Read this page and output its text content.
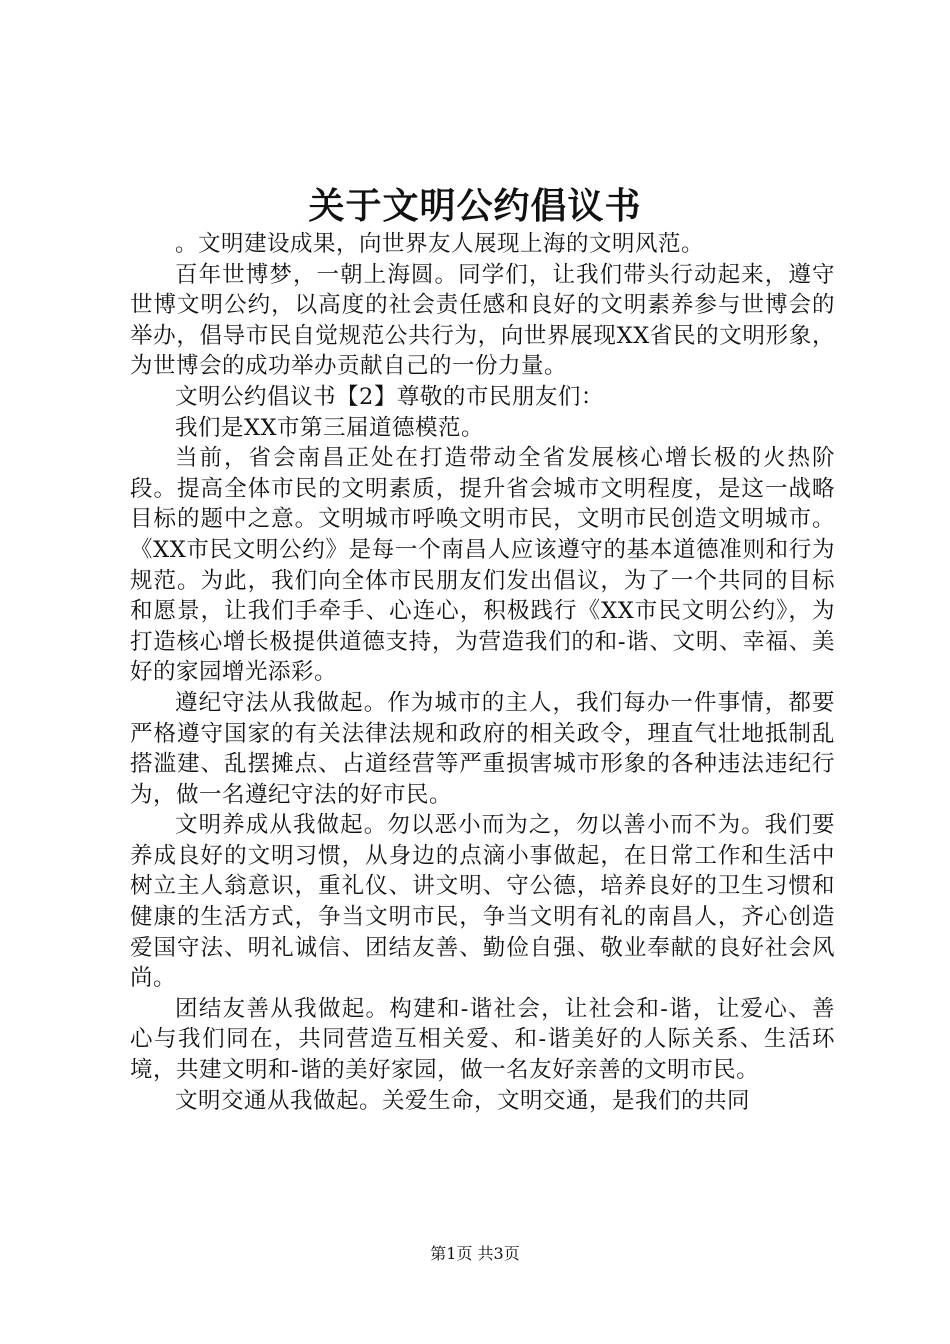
关于文明公约倡议书

。文明建设成果，向世界友人展现上海的文明风范。

百年世博梦，一朝上海圆。同学们，让我们带头行动起来，遵守世博文明公约，以高度的社会责任感和良好的文明素养参与世博会的举办，倡导市民自觉规范公共行为，向世界展现XX省民的文明形象，为世博会的成功举办贡献自己的一份力量。

文明公约倡议书【2】尊敬的市民朋友们：

我们是XX市第三届道德模范。

当前，省会南昌正处在打造带动全省发展核心增长极的火热阶段。提高全体市民的文明素质，提升省会城市文明程度，是这一战略目标的题中之意。文明城市呼唤文明市民，文明市民创造文明城市。《XX市民文明公约》是每一个南昌人应该遵守的基本道德准则和行为规范。为此，我们向全体市民朋友们发出倡议，为了一个共同的目标和愿景，让我们手牵手、心连心，积极践行《XX市民文明公约》，为打造核心增长极提供道德支持，为营造我们的和-谐、文明、幸福、美好的家园增光添彩。

遵纪守法从我做起。作为城市的主人，我们每办一件事情，都要严格遵守国家的有关法律法规和政府的相关政令，理直气壮地抵制乱搭滥建、乱摆摊点、占道经营等严重损害城市形象的各种违法违纪行为，做一名遵纪守法的好市民。

文明养成从我做起。勿以恶小而为之，勿以善小而不为。我们要养成良好的文明习惯，从身边的点滴小事做起，在日常工作和生活中树立主人翁意识，重礼仪、讲文明、守公德，培养良好的卫生习惯和健康的生活方式，争当文明市民，争当文明有礼的南昌人，齐心创造爱国守法、明礼诚信、团结友善、勤俭自强、敬业奉献的良好社会风尚。

团结友善从我做起。构建和-谐社会，让社会和-谐，让爱心、善心与我们同在，共同营造互相关爱、和-谐美好的人际关系、生活环境，共建文明和-谐的美好家园，做一名友好亲善的文明市民。

文明交通从我做起。关爱生命，文明交通，是我们的共同

第1页 共3页
